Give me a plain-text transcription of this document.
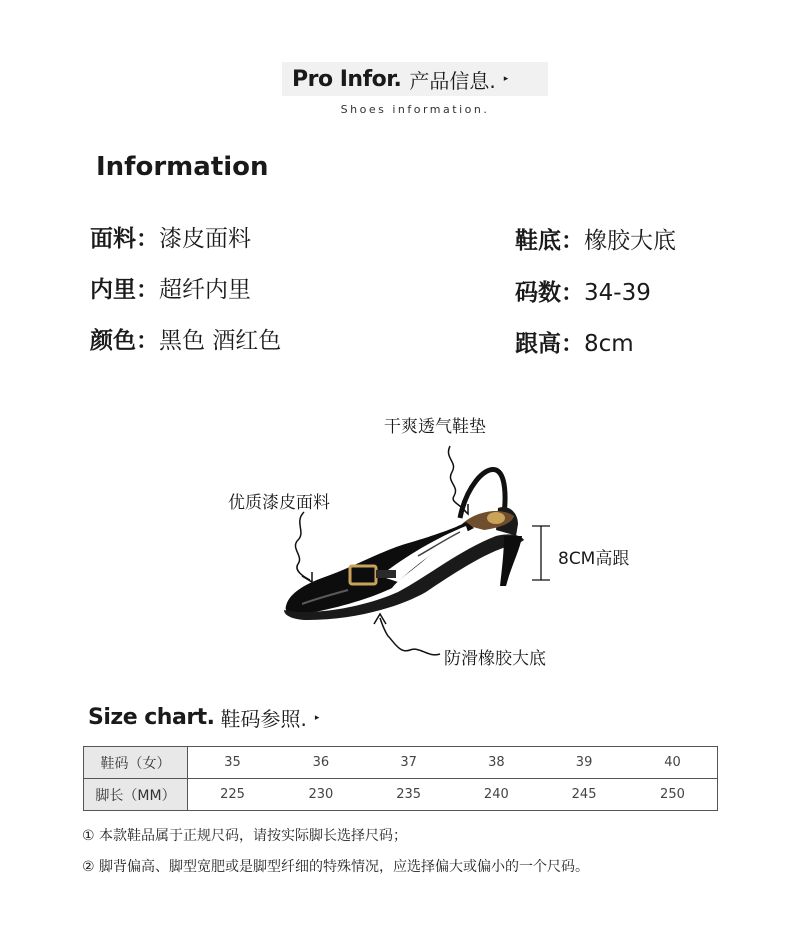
Pro Infor. 产品信息. ▸
Shoes information.
Information
面料：漆皮面料
内里：超纤内里
颜色：黑色 酒红色
鞋底：橡胶大底
码数：34-39
跟高：8cm
干爽透气鞋垫
优质漆皮面料
8CM高跟
防滑橡胶大底
Size chart. 鞋码参照. ▸
鞋码（女）	35	36	37	38	39	40
脚长（MM）	225	230	235	240	245	250
① 本款鞋品属于正规尺码，请按实际脚长选择尺码；
② 脚背偏高、脚型宽肥或是脚型纤细的特殊情况，应选择偏大或偏小的一个尺码。
